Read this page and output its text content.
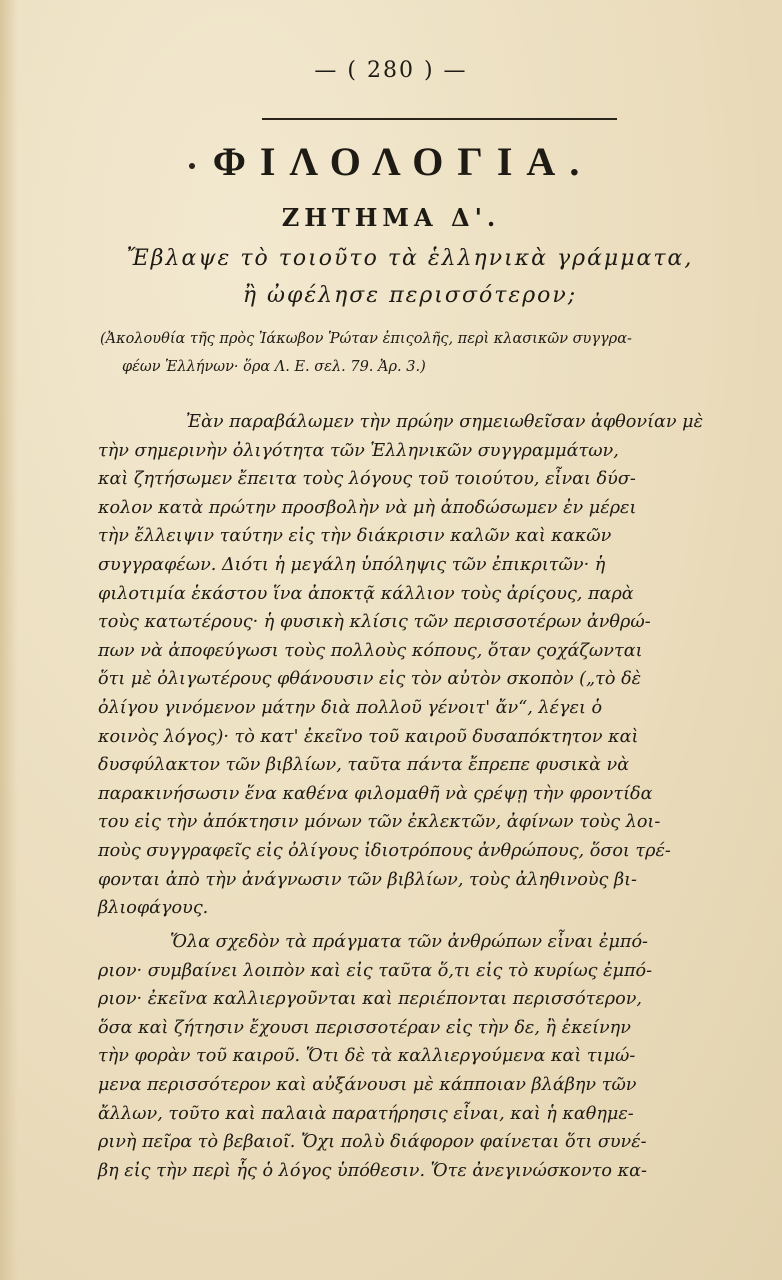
— ( 280 ) —
ΦΙΛΟΛΟΓΙΑ.
ΖΗΤΗΜΑ Δ'.
Ἔβλαψε τὸ τοιοῦτο τὰ ἑλληνικὰ γράμματα,
ἢ ὠφέλησε περισσότερον;
(Ἀκολουθία τῆς πρὸς Ἰάκωβον Ῥώταν ἐπιςολῆς, περὶ κλασικῶν συγγρα-
φέων Ἑλλήνων· ὅρα Λ. Ε. σελ. 79. Ἀρ. 3.)
Ἐὰν παραβάλωμεν τὴν πρώην σημειωθεῖσαν ἀφθονίαν μὲ
τὴν σημερινὴν ὀλιγότητα τῶν Ἑλληνικῶν συγγραμμάτων,
καὶ ζητήσωμεν ἔπειτα τοὺς λόγους τοῦ τοιούτου, εἶναι δύσ-
κολον κατὰ πρώτην προσβολὴν νὰ μὴ ἀποδώσωμεν ἐν μέρει
τὴν ἔλλειψιν ταύτην εἰς τὴν διάκρισιν καλῶν καὶ κακῶν
συγγραφέων. Διότι ἡ μεγάλη ὑπόληψις τῶν ἐπικριτῶν· ἡ
φιλοτιμία ἑκάστου ἵνα ἀποκτᾷ κάλλιον τοὺς ἀρίςους, παρὰ
τοὺς κατωτέρους· ἡ φυσικὴ κλίσις τῶν περισσοτέρων ἀνθρώ-
πων νὰ ἀποφεύγωσι τοὺς πολλοὺς κόπους, ὅταν ςοχάζωνται
ὅτι μὲ ὀλιγωτέρους φθάνουσιν εἰς τὸν αὐτὸν σκοπὸν („τὸ δὲ
ὀλίγου γινόμενον μάτην διὰ πολλοῦ γένοιτ' ἄν“, λέγει ὁ
κοινὸς λόγος)· τὸ κατ' ἐκεῖνο τοῦ καιροῦ δυσαπόκτητον καὶ
δυσφύλακτον τῶν βιβλίων, ταῦτα πάντα ἔπρεπε φυσικὰ νὰ
παρακινήσωσιν ἕνα καθένα φιλομαθῆ νὰ ςρέψῃ τὴν φροντίδα
του εἰς τὴν ἀπόκτησιν μόνων τῶν ἐκλεκτῶν, ἀφίνων τοὺς λοι-
ποὺς συγγραφεῖς εἰς ὀλίγους ἰδιοτρόπους ἀνθρώπους, ὅσοι τρέ-
φονται ἀπὸ τὴν ἀνάγνωσιν τῶν βιβλίων, τοὺς ἀληθινοὺς βι-
βλιοφάγους.
Ὅλα σχεδὸν τὰ πράγματα τῶν ἀνθρώπων εἶναι ἐμπό-
ριον· συμβαίνει λοιπὸν καὶ εἰς ταῦτα ὅ,τι εἰς τὸ κυρίως ἐμπό-
ριον· ἐκεῖνα καλλιεργοῦνται καὶ περιέπονται περισσότερον,
ὅσα καὶ ζήτησιν ἔχουσι περισσοτέραν εἰς τὴν δε, ἢ ἐκείνην
τὴν φορὰν τοῦ καιροῦ. Ὅτι δὲ τὰ καλλιεργούμενα καὶ τιμώ-
μενα περισσότερον καὶ αὐξάνουσι μὲ κάπποιαν βλάβην τῶν
ἄλλων, τοῦτο καὶ παλαιὰ παρατήρησις εἶναι, καὶ ἡ καθημε-
ρινὴ πεῖρα τὸ βεβαιοῖ. Ὄχι πολὺ διάφορον φαίνεται ὅτι συνέ-
βη εἰς τὴν περὶ ἧς ὁ λόγος ὑπόθεσιν. Ὅτε ἀνεγινώσκοντο κα-
